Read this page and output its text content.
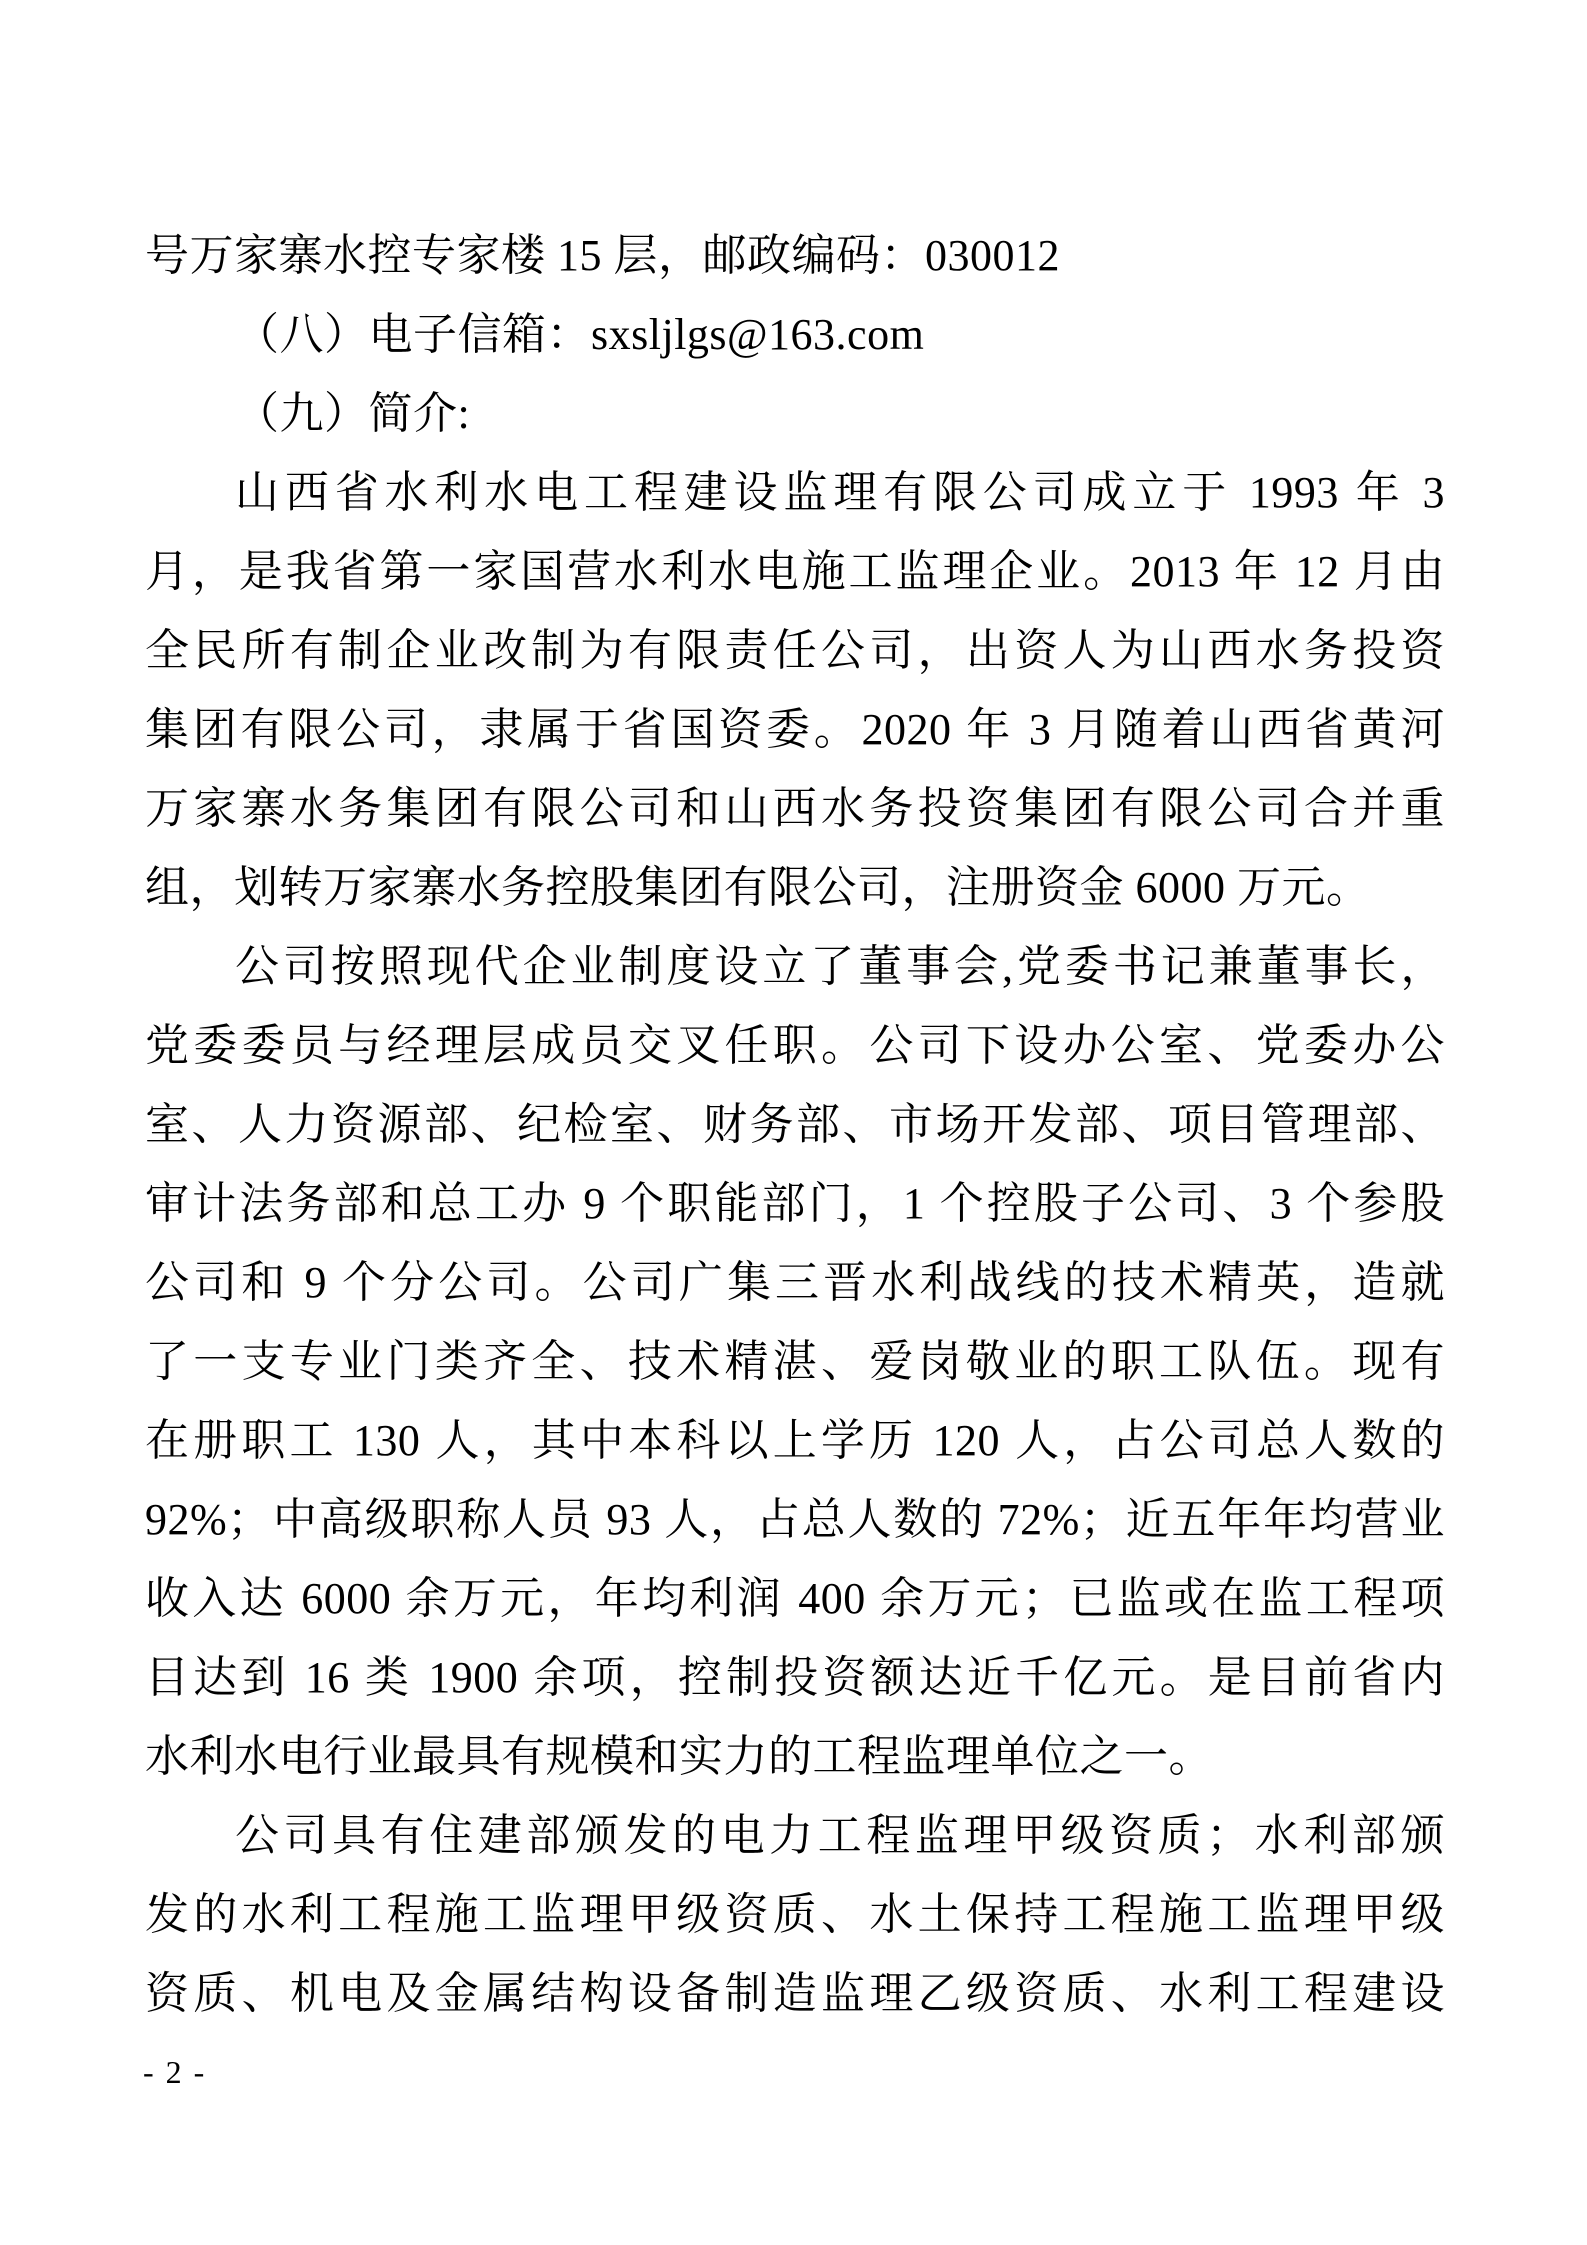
号万家寨水控专家楼 15 层，邮政编码：030012
（八）电子信箱：sxsljlgs@163.com
（九）简介:
山西省水利水电工程建设监理有限公司成立于 1993 年 3
月，是我省第一家国营水利水电施工监理企业。2013 年 12 月由
全民所有制企业改制为有限责任公司，出资人为山西水务投资
集团有限公司，隶属于省国资委。2020 年 3 月随着山西省黄河
万家寨水务集团有限公司和山西水务投资集团有限公司合并重
组，划转万家寨水务控股集团有限公司，注册资金 6000 万元。
公司按照现代企业制度设立了董事会,党委书记兼董事长，
党委委员与经理层成员交叉任职。公司下设办公室、党委办公
室、人力资源部、纪检室、财务部、市场开发部、项目管理部、
审计法务部和总工办 9 个职能部门，1 个控股子公司、3 个参股
公司和 9 个分公司。公司广集三晋水利战线的技术精英，造就
了一支专业门类齐全、技术精湛、爱岗敬业的职工队伍。现有
在册职工 130 人，其中本科以上学历 120 人，占公司总人数的
92%；中高级职称人员 93 人，占总人数的 72%；近五年年均营业
收入达 6000 余万元，年均利润 400 余万元；已监或在监工程项
目达到 16 类 1900 余项，控制投资额达近千亿元。是目前省内
水利水电行业最具有规模和实力的工程监理单位之一。
公司具有住建部颁发的电力工程监理甲级资质；水利部颁
发的水利工程施工监理甲级资质、水土保持工程施工监理甲级
资质、机电及金属结构设备制造监理乙级资质、水利工程建设
- 2 -
